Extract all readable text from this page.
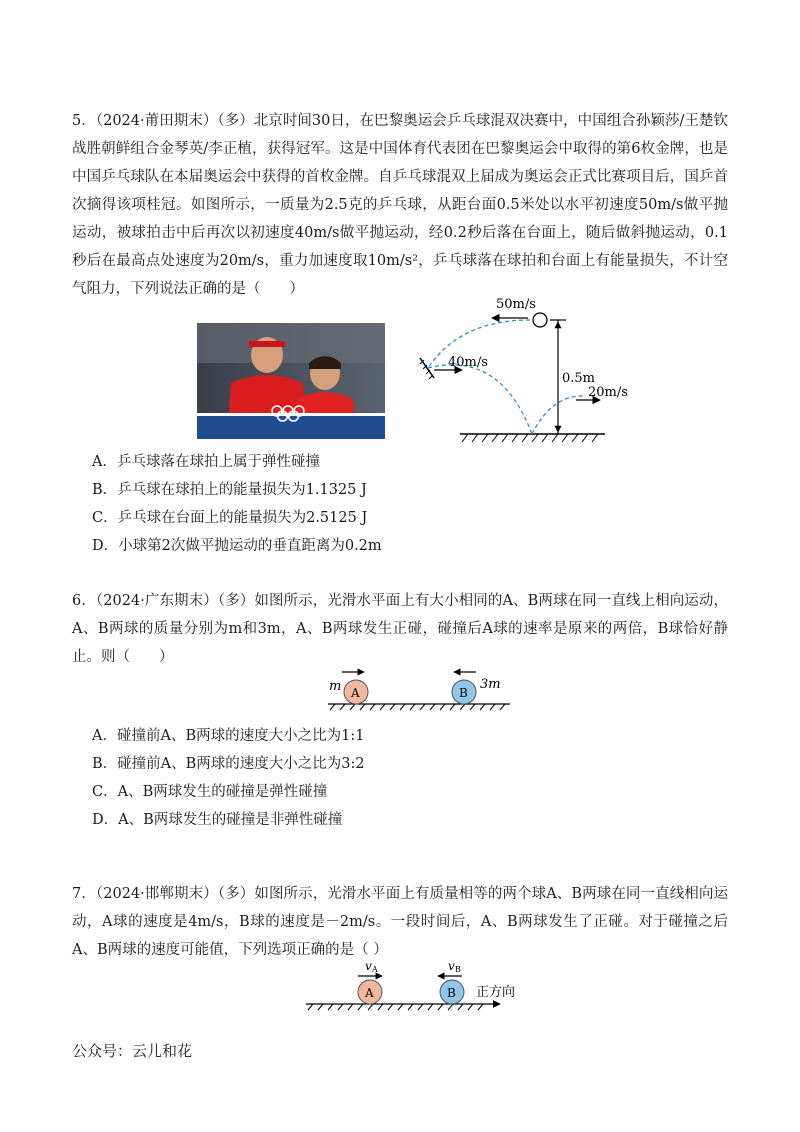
5．（2024·莆田期末）（多）北京时间30日，在巴黎奥运会乒乓球混双决赛中，中国组合孙颖莎/王楚钦战胜朝鲜组合金琴英/李正植，获得冠军。这是中国体育代表团在巴黎奥运会中取得的第6枚金牌，也是中国乒乓球队在本届奥运会中获得的首枚金牌。自乒乓球混双上届成为奥运会正式比赛项目后，国乒首次摘得该项桂冠。如图所示，一质量为2.5克的乒乓球，从距台面0.5米处以水平初速度50m/s做平抛运动，被球拍击中后再次以初速度40m/s做平抛运动，经0.2秒后落在台面上，随后做斜抛运动，0.1秒后在最高点处速度为20m/s，重力加速度取10m/s²，乒乓球落在球拍和台面上有能量损失，不计空气阻力，下列说法正确的是（　　）

50m/s
40m/s
0.5m
20m/s
A．乒乓球落在球拍上属于弹性碰撞
B．乒乓球在球拍上的能量损失为1.1325 J
C．乒乓球在台面上的能量损失为2.5125 J
D．小球第2次做平抛运动的垂直距离为0.2m

6．（2024·广东期末）（多）如图所示，光滑水平面上有大小相同的A、B两球在同一直线上相向运动，A、B两球的质量分别为m和3m，A、B两球发生正碰，碰撞后A球的速率是原来的两倍，B球恰好静止。则（　　）

m A	B
3m
A．碰撞前A、B两球的速度大小之比为1:1
B．碰撞前A、B两球的速度大小之比为3:2
C．A、B两球发生的碰撞是弹性碰撞
D．A、B两球发生的碰撞是非弹性碰撞

7．（2024·邯郸期末）（多）如图所示，光滑水平面上有质量相等的两个球A、B两球在同一直线相向运动，A球的速度是4m/s，B球的速度是－2m/s。一段时间后，A、B两球发生了正碰。对于碰撞之后A、B两球的速度可能值，下列选项正确的是（ ）

v A	v B
A	B 正方向
公众号：云儿和花
